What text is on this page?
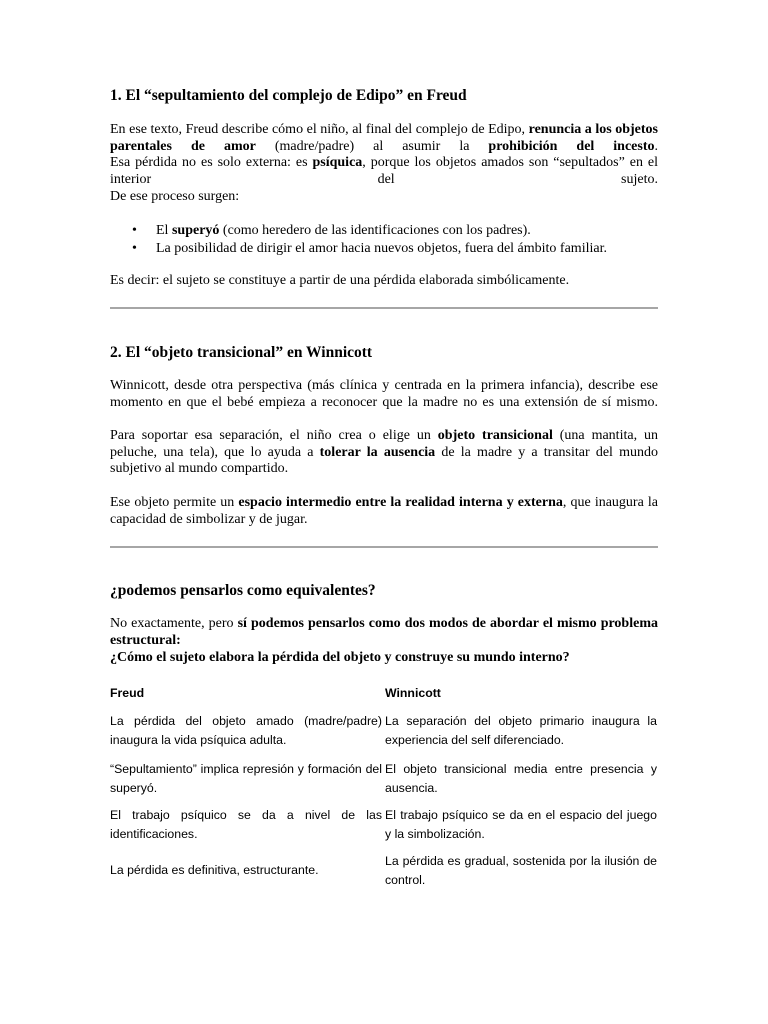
1. El “sepultamiento del complejo de Edipo” en Freud

En ese texto, Freud describe cómo el niño, al final del complejo de Edipo, renuncia a los objetos parentales de amor (madre/padre) al asumir la prohibición del incesto.

Esa pérdida no es solo externa: es psíquica, porque los objetos amados son “sepultados” en el interior del sujeto.

De ese proceso surgen:

• El superyó (como heredero de las identificaciones con los padres).
• La posibilidad de dirigir el amor hacia nuevos objetos, fuera del ámbito familiar.

Es decir: el sujeto se constituye a partir de una pérdida elaborada simbólicamente.

2. El “objeto transicional” en Winnicott

Winnicott, desde otra perspectiva (más clínica y centrada en la primera infancia), describe ese momento en que el bebé empieza a reconocer que la madre no es una extensión de sí mismo.

Para soportar esa separación, el niño crea o elige un objeto transicional (una mantita, un peluche, una tela), que lo ayuda a tolerar la ausencia de la madre y a transitar del mundo subjetivo al mundo compartido.

Ese objeto permite un espacio intermedio entre la realidad interna y externa, que inaugura la capacidad de simbolizar y de jugar.

¿podemos pensarlos como equivalentes?

No exactamente, pero sí podemos pensarlos como dos modos de abordar el mismo problema estructural:

¿Cómo el sujeto elabora la pérdida del objeto y construye su mundo interno?

Freud	Winnicott
La pérdida del objeto amado (madre/padre) inaugura la vida psíquica adulta.
La separación del objeto primario inaugura la experiencia del self diferenciado.
“Sepultamiento” implica represión y formación del superyó.
El objeto transicional media entre presencia y ausencia.
El trabajo psíquico se da a nivel de las identificaciones.
El trabajo psíquico se da en el espacio del juego y la simbolización.
La pérdida es definitiva, estructurante.
La pérdida es gradual, sostenida por la ilusión de control.
